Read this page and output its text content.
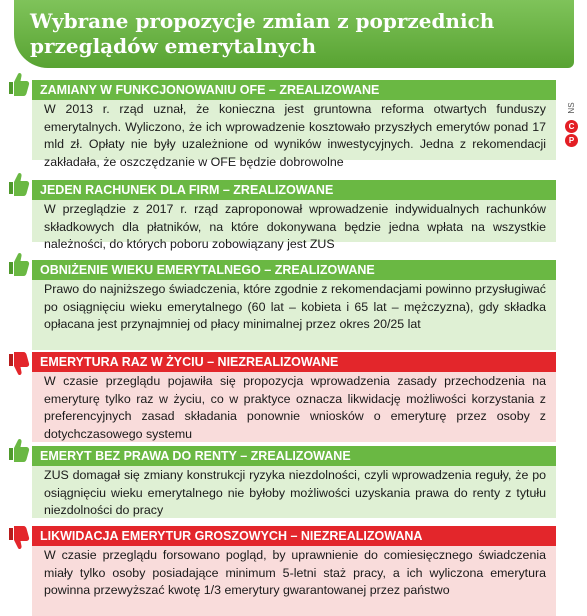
Wybrane propozycje zmian z poprzednich przeglądów emerytalnych
NS
C
P
ZAMIANY W FUNKCJONOWANIU OFE – ZREALIZOWANE
W 2013 r. rząd uznał, że konieczna jest gruntowna reforma otwartych funduszy emerytalnych. Wyliczono, że ich wprowadzenie kosztowało przyszłych emerytów ponad 17 mld zł. Opłaty nie były uzależnione od wyników inwestycyjnych. Jedna z rekomendacji zakładała, że oszczędzanie w OFE będzie dobrowolne
JEDEN RACHUNEK DLA FIRM – ZREALIZOWANE
W przeglądzie z 2017 r. rząd zaproponował wprowadzenie indywidualnych rachunków składkowych dla płatników, na które dokonywana będzie jedna wpłata na wszystkie należności, do których poboru zobowiązany jest ZUS
OBNIŻENIE WIEKU EMERYTALNEGO – ZREALIZOWANE
Prawo do najniższego świadczenia, które zgodnie z rekomendacjami powinno przysługiwać po osiągnięciu wieku emerytalnego (60 lat – kobieta i 65 lat – mężczyzna), gdy składka opłacana jest przynajmniej od płacy minimalnej przez okres 20/25 lat
EMERYTURA RAZ W ŻYCIU – NIEZREALIZOWANE
W czasie przeglądu pojawiła się propozycja wprowadzenia zasady przechodzenia na emeryturę tylko raz w życiu, co w praktyce oznacza likwidację możliwości korzystania z preferencyjnych zasad składania ponownie wniosków o emeryturę przez osoby z dotychczasowego systemu
EMERYT BEZ PRAWA DO RENTY – ZREALIZOWANE
ZUS domagał się zmiany konstrukcji ryzyka niezdolności, czyli wprowadzenia reguły, że po osiągnięciu wieku emerytalnego nie byłoby możliwości uzyskania prawa do renty z tytułu niezdolności do pracy
LIKWIDACJA EMERYTUR GROSZOWYCH – NIEZREALIZOWANA
W czasie przeglądu forsowano pogląd, by uprawnienie do comiesięcznego świadczenia miały tylko osoby posiadające minimum 5-letni staż pracy, a ich wyliczona emerytura powinna przewyższać kwotę 1/3 emerytury gwarantowanej przez państwo
